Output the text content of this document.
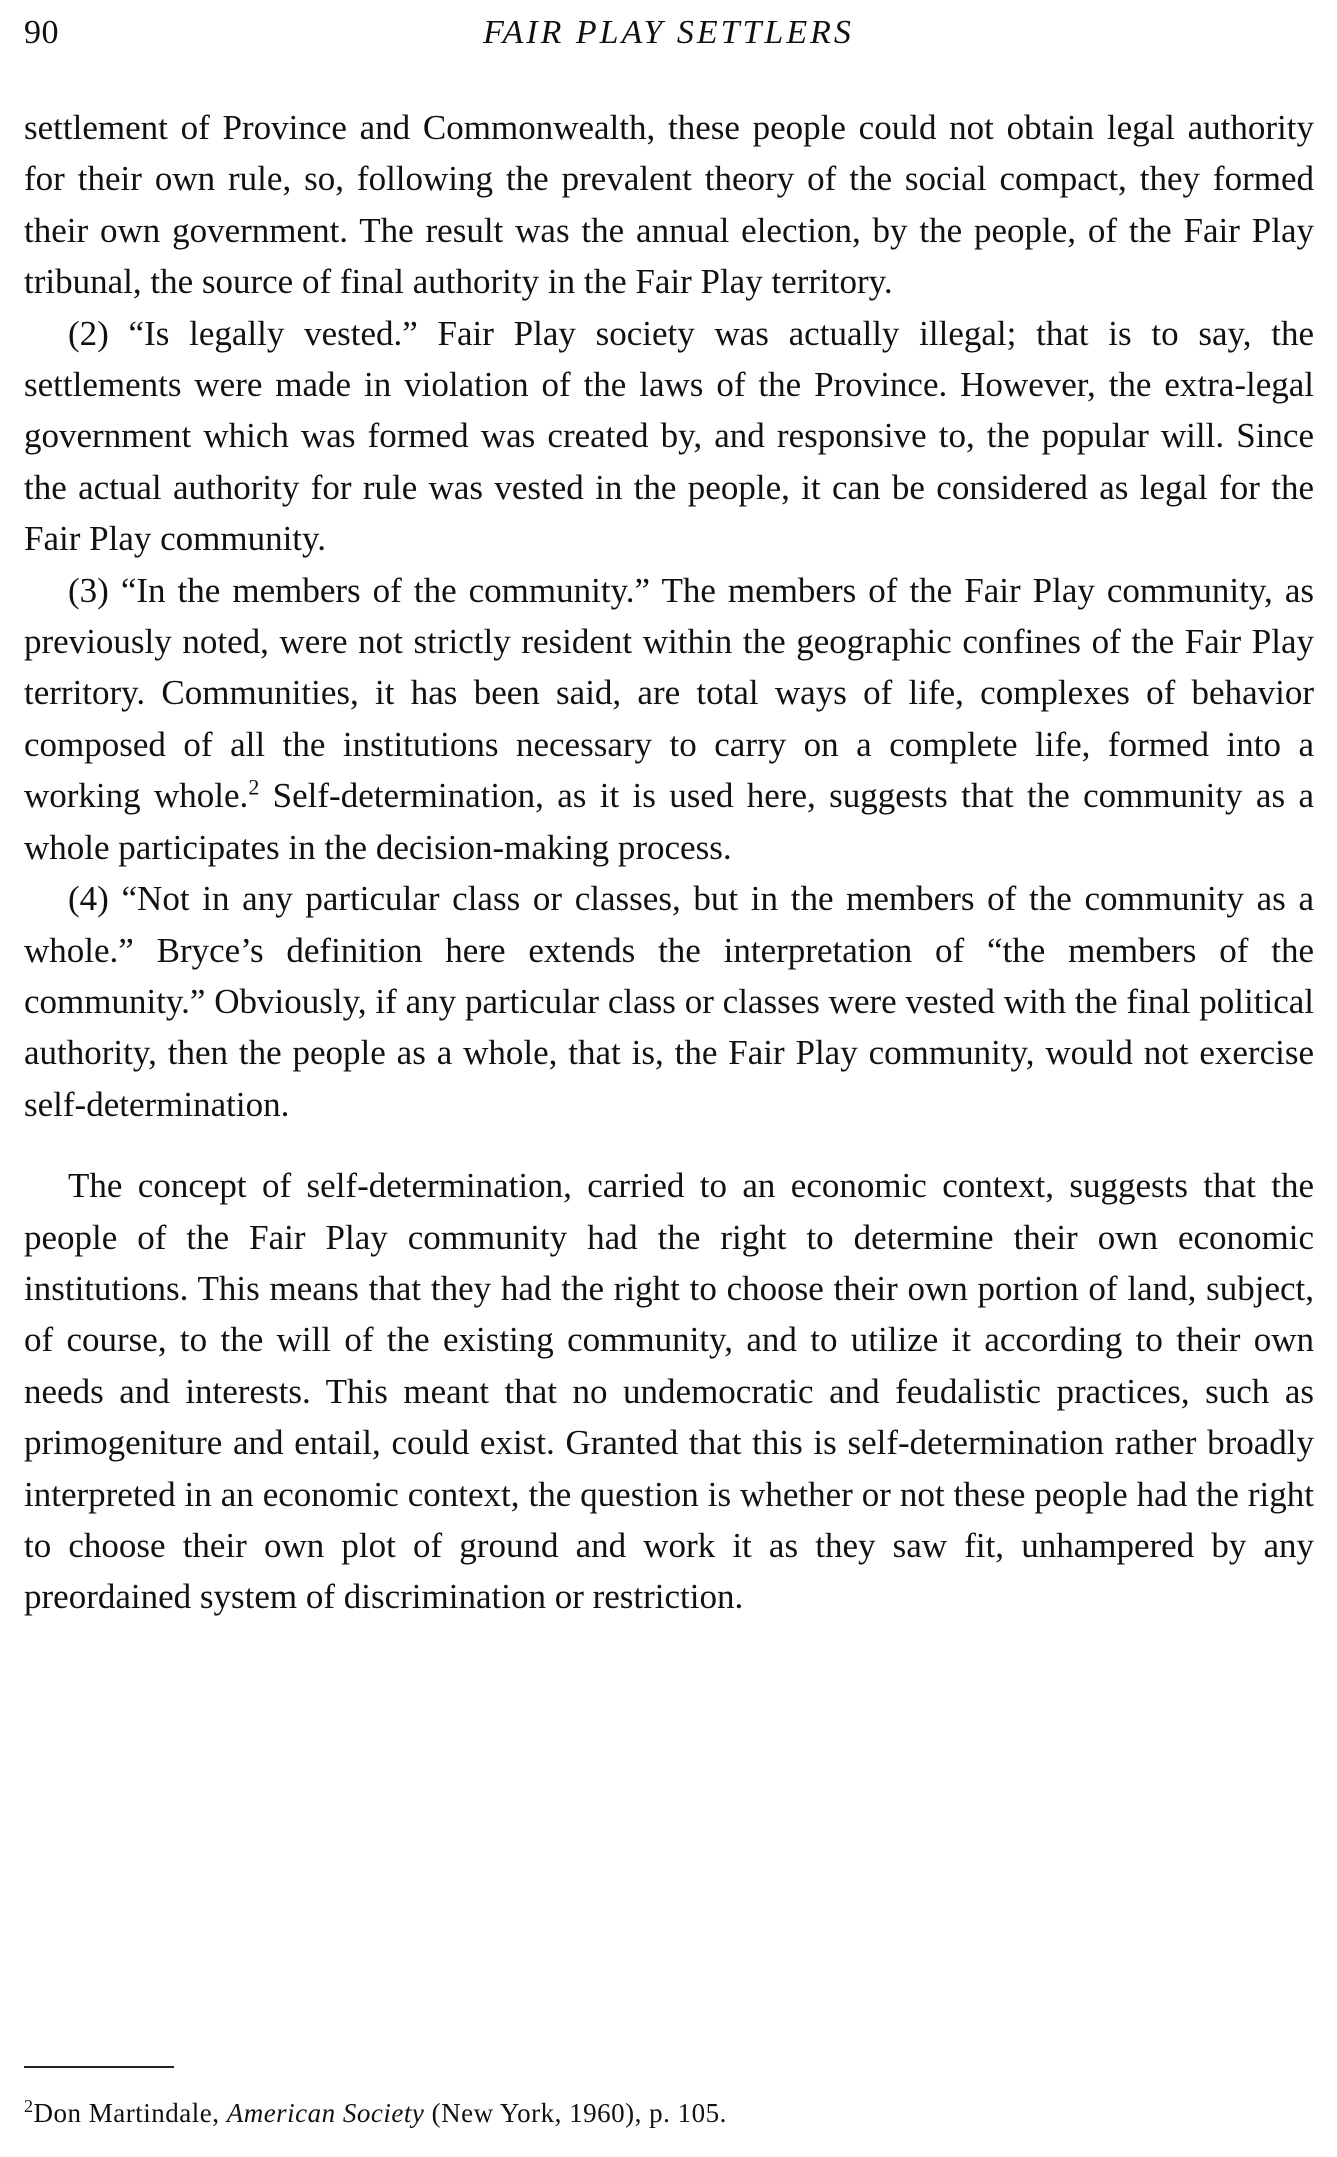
90	FAIR PLAY SETTLERS

settlement of Province and Commonwealth, these people could not obtain legal authority for their own rule, so, following the prevalent theory of the social compact, they formed their own government. The result was the annual election, by the people, of the Fair Play tribunal, the source of final authority in the Fair Play territory.

(2) “Is legally vested.” Fair Play society was actually illegal; that is to say, the settlements were made in violation of the laws of the Province. However, the extra-legal government which was formed was created by, and responsive to, the popular will. Since the actual authority for rule was vested in the people, it can be considered as legal for the Fair Play community.

(3) “In the members of the community.” The members of the Fair Play community, as previously noted, were not strictly resident within the geographic confines of the Fair Play territory. Communities, it has been said, are total ways of life, complexes of behavior composed of all the institutions necessary to carry on a complete life, formed into a working whole.$^2$ Self-determination, as it is used here, suggests that the community as a whole participates in the decision-making process.

(4) “Not in any particular class or classes, but in the members of the community as a whole.” Bryce’s definition here extends the interpretation of “the members of the community.” Obviously, if any particular class or classes were vested with the final political authority, then the people as a whole, that is, the Fair Play community, would not exercise self-determination.

The concept of self-determination, carried to an economic context, suggests that the people of the Fair Play community had the right to determine their own economic institutions. This means that they had the right to choose their own portion of land, subject, of course, to the will of the existing community, and to utilize it according to their own needs and interests. This meant that no undemocratic and feudalistic practices, such as primogeniture and entail, could exist. Granted that this is self-determination rather broadly interpreted in an economic context, the question is whether or not these people had the right to choose their own plot of ground and work it as they saw fit, unhampered by any preordained system of discrimination or restriction.

$^2$Don Martindale, American Society (New York, 1960), p. 105.
